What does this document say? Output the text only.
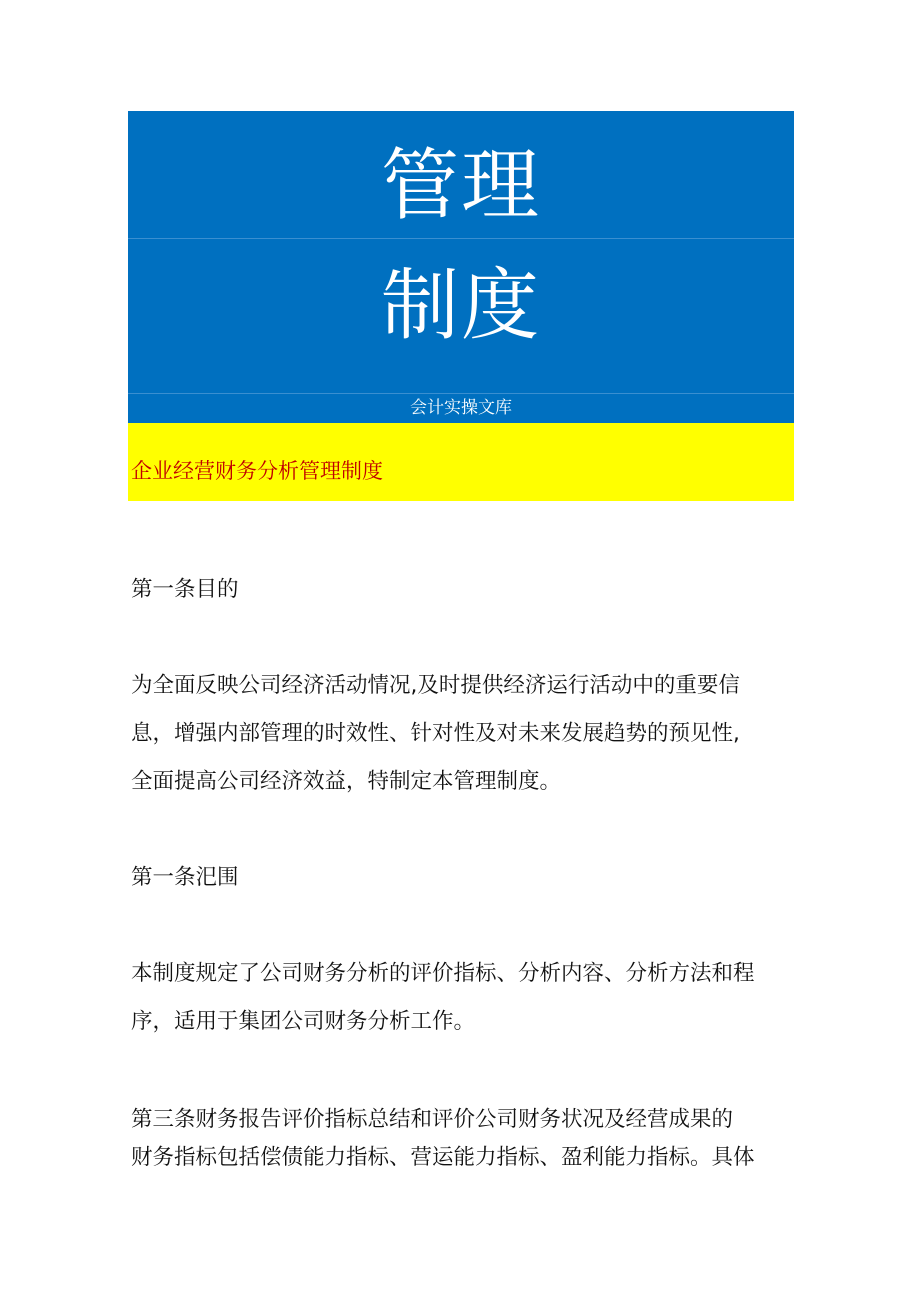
管理
制度
会计实操文库
企业经营财务分析管理制度
第一条目的
为全面反映公司经济活动情况,及时提供经济运行活动中的重要信
息，增强内部管理的时效性、针对性及对未来发展趋势的预见性,
全面提高公司经济效益，特制定本管理制度。
第一条汜围
本制度规定了公司财务分析的评价指标、分析内容、分析方法和程
序，适用于集团公司财务分析工作。
第三条财务报告评价指标总结和评价公司财务状况及经营成果的
财务指标包括偿债能力指标、营运能力指标、盈利能力指标。具体
